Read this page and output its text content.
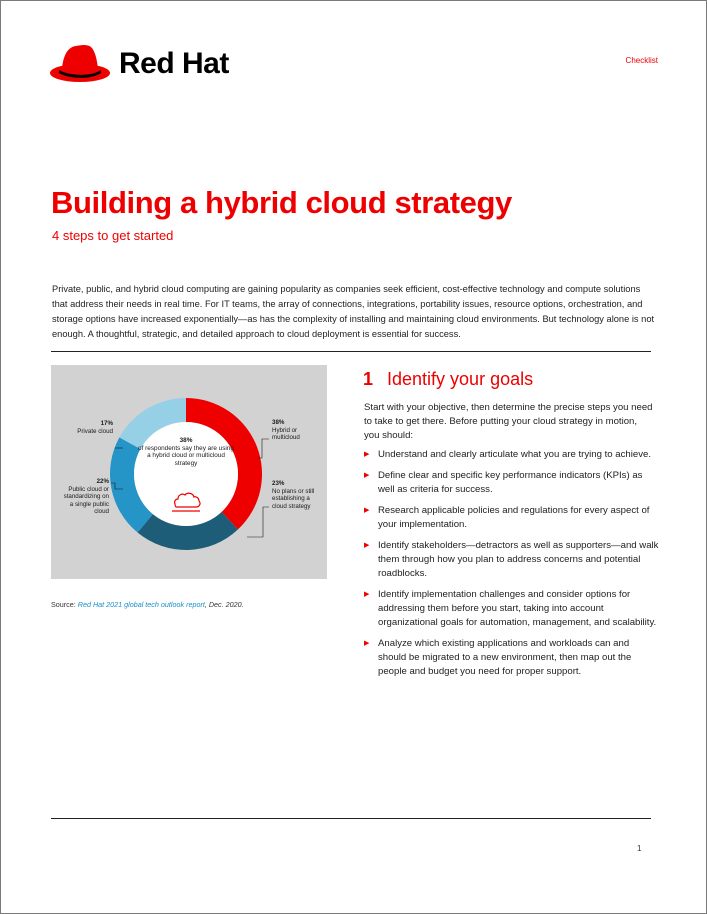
Red Hat	Checklist
Building a hybrid cloud strategy
4 steps to get started

Private, public, and hybrid cloud computing are gaining popularity as companies seek efficient, cost-effective technology and compute solutions that address their needs in real time. For IT teams, the array of connections, integrations, portability issues, resource options, orchestration, and storage options have increased exponentially—as has the complexity of installing and maintaining cloud environments. But technology alone is not enough. A thoughtful, strategic, and detailed approach to cloud deployment is essential for success.

38%
of respondents say they are using a hybrid cloud or multicloud strategy
38%
Hybrid or multicloud
23%
No plans or still establishing a cloud strategy
22%
Public cloud or standardizing on a single public cloud
17%
Private cloud
Source: Red Hat 2021 global tech outlook report, Dec. 2020.
1 Identify your goals

Start with your objective, then determine the precise steps you need to take to get there. Before putting your cloud strategy in motion, you should:

▶ Understand and clearly articulate what you are trying to achieve.
▶ Define clear and specific key performance indicators (KPIs) as well as criteria for success.
▶ Research applicable policies and regulations for every aspect of your implementation.
▶ Identify stakeholders—detractors as well as supporters—and walk them through how you plan to address concerns and potential roadblocks.
▶ Identify implementation challenges and consider options for addressing them before you start, taking into account organizational goals for automation, management, and scalability.
▶ Analyze which existing applications and workloads can and should be migrated to a new environment, then map out the people and budget you need for proper support.
1
